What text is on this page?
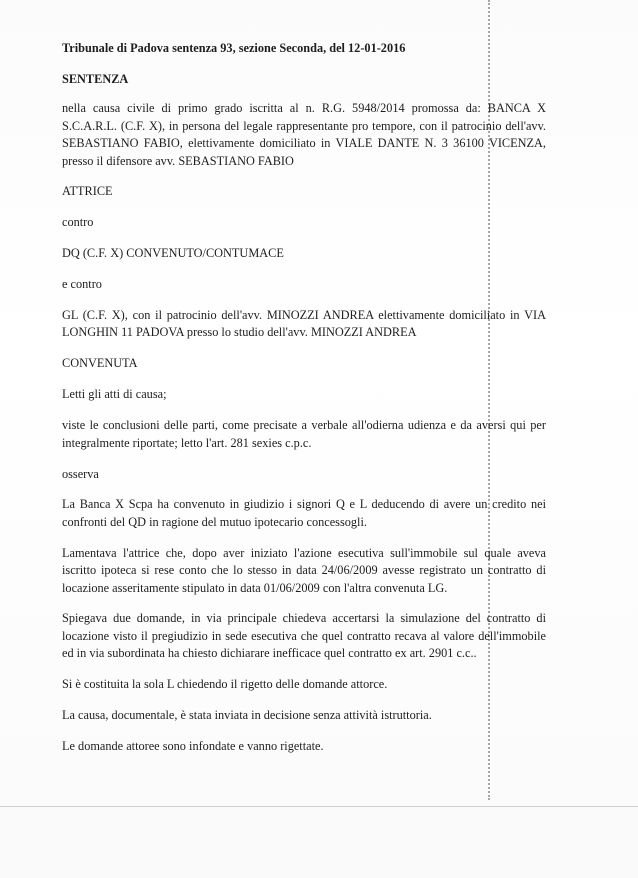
Tribunale di Padova sentenza 93, sezione Seconda, del 12-01-2016

SENTENZA

nella causa civile di primo grado iscritta al n. R.G. 5948/2014 promossa da: BANCA X S.C.A.R.L. (C.F. X), in persona del legale rappresentante pro tempore, con il patrocinio dell'avv. SEBASTIANO FABIO, elettivamente domiciliato in VIALE DANTE N. 3 36100 VICENZA, presso il difensore avv. SEBASTIANO FABIO

ATTRICE

contro

DQ (C.F. X) CONVENUTO/CONTUMACE

e contro

GL (C.F. X), con il patrocinio dell'avv. MINOZZI ANDREA elettivamente domiciliato in VIA LONGHIN 11 PADOVA presso lo studio dell'avv. MINOZZI ANDREA

CONVENUTA

Letti gli atti di causa;

viste le conclusioni delle parti, come precisate a verbale all'odierna udienza e da aversi qui per integralmente riportate; letto l'art. 281 sexies c.p.c.

osserva

La Banca X Scpa ha convenuto in giudizio i signori Q e L deducendo di avere un credito nei confronti del QD in ragione del mutuo ipotecario concessogli.

Lamentava l'attrice che, dopo aver iniziato l'azione esecutiva sull'immobile sul quale aveva iscritto ipoteca si rese conto che lo stesso in data 24/06/2009 avesse registrato un contratto di locazione asseritamente stipulato in data 01/06/2009 con l'altra convenuta LG.

Spiegava due domande, in via principale chiedeva accertarsi la simulazione del contratto di locazione visto il pregiudizio in sede esecutiva che quel contratto recava al valore dell'immobile ed in via subordinata ha chiesto dichiarare inefficace quel contratto ex art. 2901 c.c..

Si è costituita la sola L chiedendo il rigetto delle domande attorce.

La causa, documentale, è stata inviata in decisione senza attività istruttoria.

Le domande attoree sono infondate e vanno rigettate.
